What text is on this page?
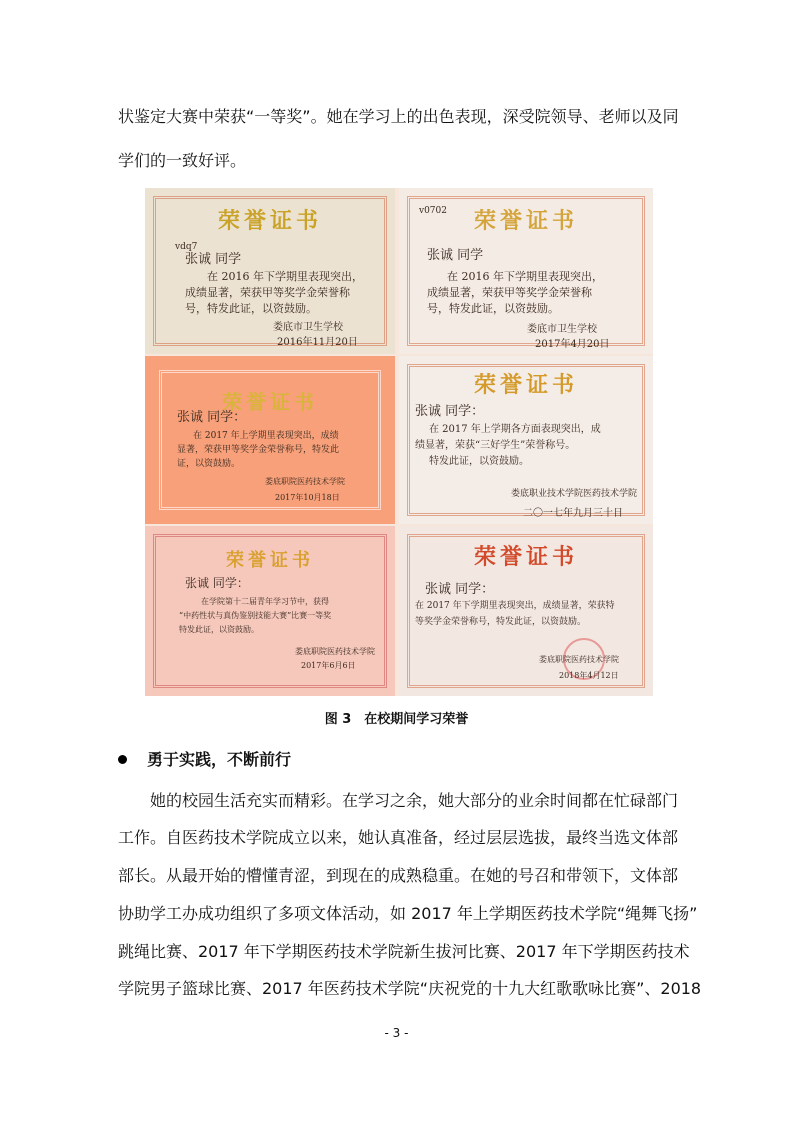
状鉴定大赛中荣获“一等奖”。她在学习上的出色表现，深受院领导、老师以及同
学们的一致好评。
荣誉证书
vdq7
张诚 同学
在 2016 年下学期里表现突出，
成绩显著，荣获甲等奖学金荣誉称
号，特发此证，以资鼓励。
娄底市卫生学校
2016年11月20日
荣誉证书
v0702
张诚 同学
在 2016 年下学期里表现突出，
成绩显著，荣获甲等奖学金荣誉称
号，特发此证，以资鼓励。
娄底市卫生学校
2017年4月20日
荣誉证书
张诚 同学：
在 2017 年上学期里表现突出，成绩
显著，荣获甲等奖学金荣誉称号，特发此
证，以资鼓励。
娄底职院医药技术学院
2017年10月18日
荣誉证书
张诚 同学：
在 2017 年上学期各方面表现突出，成
绩显著，荣获“三好学生”荣誉称号。
特发此证，以资鼓励。
娄底职业技术学院医药技术学院
二〇一七年九月三十日
荣誉证书
张诚 同学：
在学院第十二届青年学习节中，获得
“中药性状与真伪鉴别技能大赛”比赛一等奖
特发此证，以资鼓励。
娄底职院医药技术学院
2017年6月6日
荣誉证书
张诚 同学：
在 2017 年下学期里表现突出，成绩显著，荣获特
等奖学金荣誉称号，特发此证，以资鼓励。
娄底职院医药技术学院
2018年4月12日
图 3　在校期间学习荣誉
勇于实践，不断前行
　　她的校园生活充实而精彩。在学习之余，她大部分的业余时间都在忙碌部门
工作。自医药技术学院成立以来，她认真准备，经过层层选拔，最终当选文体部
部长。从最开始的懵懂青涩，到现在的成熟稳重。在她的号召和带领下，文体部
协助学工办成功组织了多项文体活动，如 2017 年上学期医药技术学院“绳舞飞扬”
跳绳比赛、2017 年下学期医药技术学院新生拔河比赛、2017 年下学期医药技术
学院男子篮球比赛、2017 年医药技术学院“庆祝党的十九大红歌歌咏比赛”、2018
- 3 -
